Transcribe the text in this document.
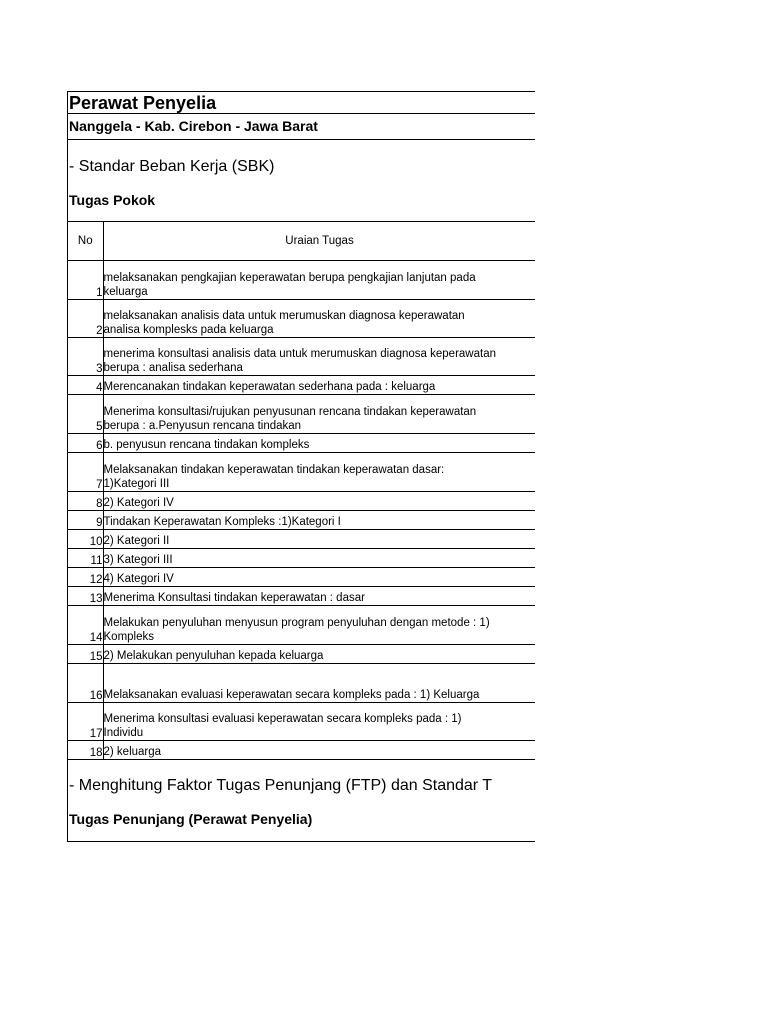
Perawat Penyelia
Nanggela - Kab. Cirebon - Jawa Barat
- Standar Beban Kerja (SBK)
Tugas Pokok
No	Uraian Tugas
1	melaksanakan pengkajian keperawatan berupa pengkajian lanjutan pada
keluarga

2	melaksanakan analisis data untuk merumuskan diagnosa keperawatan
analisa komplesks pada keluarga

3	menerima konsultasi analisis data untuk merumuskan diagnosa keperawatan
berupa : analisa sederhana

4	Merencanakan tindakan keperawatan sederhana pada : keluarga

5	Menerima konsultasi/rujukan penyusunan rencana tindakan keperawatan
berupa : a.Penyusun rencana tindakan

6	b. penyusun rencana tindakan kompleks

7	Melaksanakan tindakan keperawatan tindakan keperawatan dasar:
1)Kategori III

8	2) Kategori IV

9	Tindakan Keperawatan Kompleks :1)Kategori I

10	2) Kategori II

11	3) Kategori III

12	4) Kategori IV

13	Menerima Konsultasi tindakan keperawatan : dasar

14	Melakukan penyuluhan menyusun program penyuluhan dengan metode : 1)
Kompleks

15	2) Melakukan penyuluhan kepada keluarga

16	Melaksanakan evaluasi keperawatan secara kompleks pada : 1) Keluarga

17	Menerima konsultasi evaluasi keperawatan secara kompleks pada : 1)
Individu

18	2) keluarga
- Menghitung Faktor Tugas Penunjang (FTP) dan Standar T
Tugas Penunjang (Perawat Penyelia)
